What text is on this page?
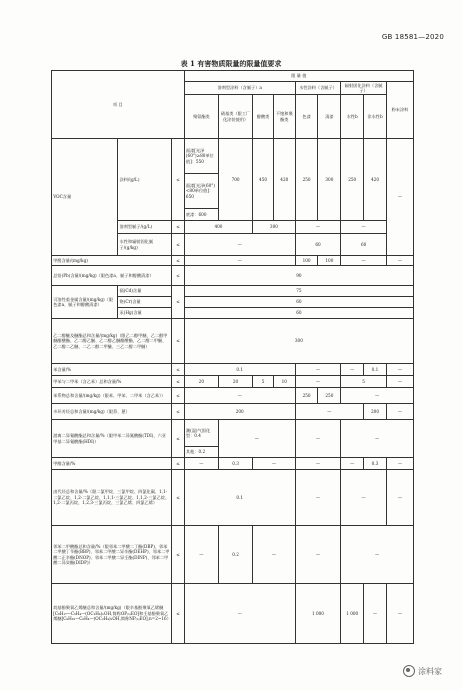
GB 18581—2020
表 1 有害物质限量的限量值要求
项 目			限 量 值								
			溶剂型涂料（含腻子）a				水性涂料（含腻子）		辐射固化涂料（含腻子）		粉末涂料
			聚氨酯类	硝基类（限工厂化涂装使用）	醇酸类	不饱和聚酯类	色漆	清漆	水性b	非水性b	

VOC含量	涂料/(g/L)	≤	面漆[光泽(60°)≥80单位值]：550	700	450	420	250	300	250	420	—
			面漆[光泽(60°)<80单位值]：650								
			底漆：600								
	溶剂型腻子/(g/L)	≤	400		300		—		—		
	水性和辐射固化腻子/(g/kg)	≤	—				60		60		
甲醛含量/(mg/kg)		≤	—				100	100	—		—
总铅(Pb)含量/(mg/kg)（限色漆a、腻子和醇酸清漆）		≤	90								
可溶性重金属含量/(mg/kg)（限色漆a、腻子和醇酸清漆）	镉(Cd)含量	≤	75								
	铬(Cr)含量		60								
	汞(Hg)含量		60								
乙二醇醚及醚酯总和含量/(mg/kg)（限乙二醇甲醚、乙二醇甲醚醋酸酯、乙二醇乙醚、乙二醇乙醚醋酸酯、乙二醇二甲醚、乙二醇二乙醚、二乙二醇二甲醚、三乙二醇二甲醚）		≤	300								
苯含量/%		≤	0.1				—		—	0.1	—
甲苯与二甲苯（含乙苯）总和含量/%		≤	20	20	5	10	—		5		—
苯系物总和含量/(mg/kg)（限苯、甲苯、二甲苯（含乙苯））		≤	—				250	250	—		
多环芳烃总和含量/(mg/kg)（限萘、蒽）		≤	200				—			200	—
游离二异氰酸酯总和含量/%（限甲苯二异氰酸酯(TDI)、六亚甲基二异氰酸酯(HDI)）		≤	潮(湿)气固化型：0.4	—			—		—		
			其他：0.2								
甲醇含量/%		≤	—	0.3	—		—		—	0.3	—
卤代烃总和含量/%（限二氯甲烷、三氯甲烷、四氯化碳、1,1-二氯乙烷、1,2-二氯乙烷、1,1,1-三氯乙烷、1,1,2-三氯乙烷、1,2-二氯丙烷、1,2,3-三氯丙烷、三氯乙烯、四氯乙烯）		≤	0.1				—		—		—
邻苯二甲酸酯总和含量/%（限邻苯二甲酸二丁酯(DBP)、邻苯二甲酸丁苄酯(BBP)、邻苯二甲酸二异辛酯(DEHP)、邻苯二甲酸二正辛酯(DNOP)、邻苯二甲酸二异壬酯(DINP)、邻苯二甲酸二异癸酯(DIDP)）		≤	—	0.2	—		—		—		
烷基酚聚氧乙烯醚总和含量/(mg/kg)（限辛基酚聚氧乙烯醚[C₈H₁₇—C₆H₄—(OC₂H₄)ₙOH,简称OP₍ₙ₎EO]和壬基酚聚氧乙烯醚[C₉H₁₉—C₆H₄—(OC₂H₄)ₙOH,简称NP₍ₙ₎EO],n=2~16）		≤	—				1 000		1 000	—	—
涂料家
